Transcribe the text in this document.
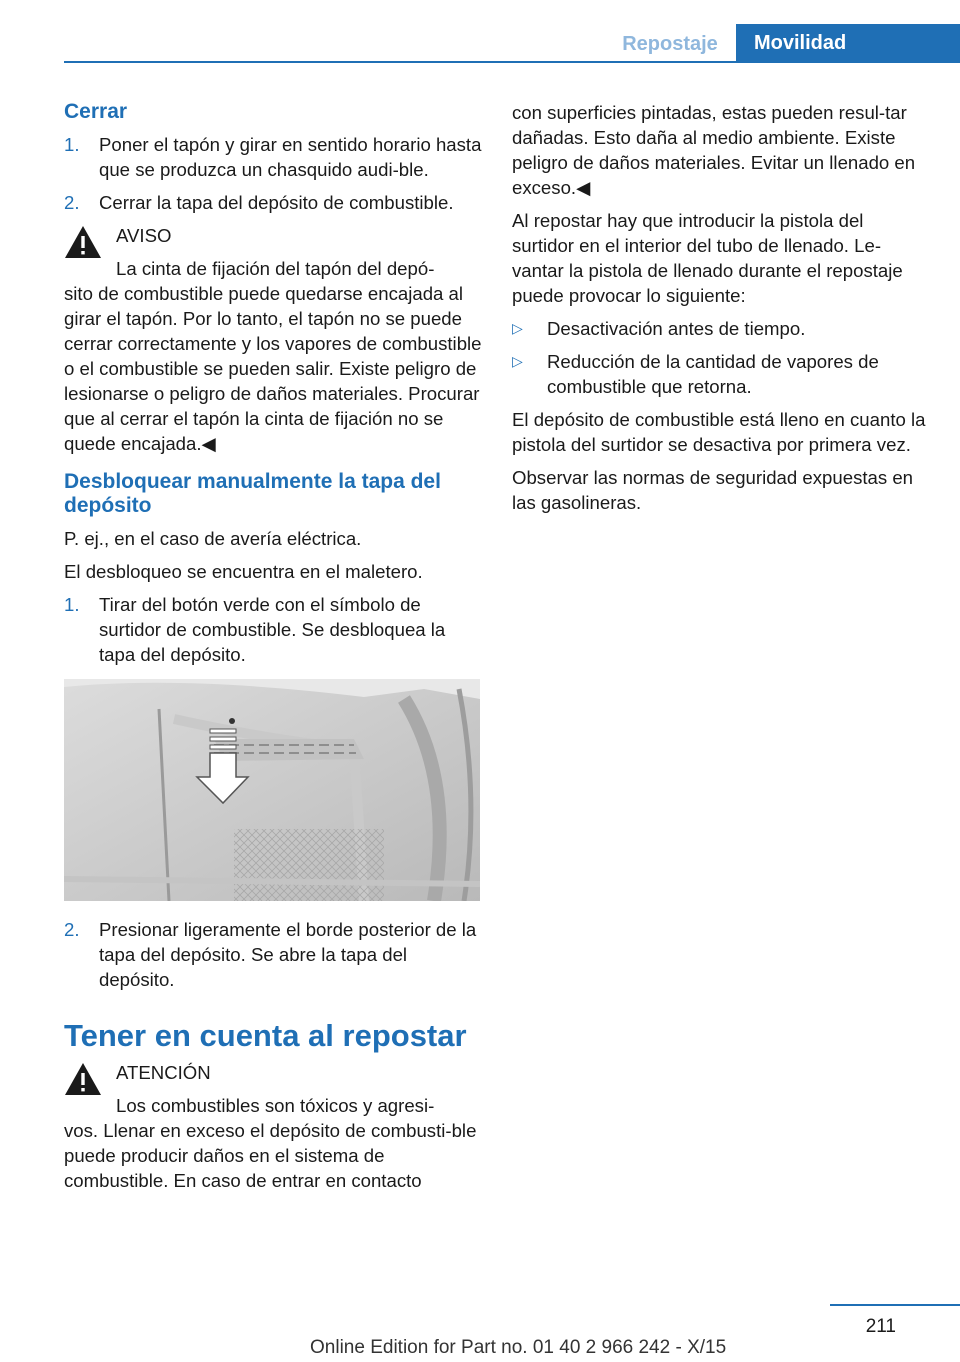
Repostaje	Movilidad
Cerrar
1. Poner el tapón y girar en sentido horario hasta que se produzca un chasquido audi‐ble.
2. Cerrar la tapa del depósito de combustible.
AVISO
La cinta de fijación del tapón del depó‐
sito de combustible puede quedarse encajada al girar el tapón. Por lo tanto, el tapón no se puede cerrar correctamente y los vapores de combustible o el combustible se pueden salir. Existe peligro de lesionarse o peligro de daños materiales. Procurar que al cerrar el tapón la cinta de fijación no se quede encajada.◀
Desbloquear manualmente la tapa del depósito

P. ej., en el caso de avería eléctrica.

El desbloqueo se encuentra en el maletero.

1. Tirar del botón verde con el símbolo de surtidor de combustible. Se desbloquea la tapa del depósito.
2. Presionar ligeramente el borde posterior de la tapa del depósito. Se abre la tapa del depósito.
Tener en cuenta al repostar
ATENCIÓN
Los combustibles son tóxicos y agresi‐
vos. Llenar en exceso el depósito de combusti‐ble puede producir daños en el sistema de combustible. En caso de entrar en contacto

con superficies pintadas, estas pueden resul‐tar dañadas. Esto daña al medio ambiente. Existe peligro de daños materiales. Evitar un llenado en exceso.◀

Al repostar hay que introducir la pistola del surtidor en el interior del tubo de llenado. Le‐vantar la pistola de llenado durante el repostaje puede provocar lo siguiente:

▷ Desactivación antes de tiempo.
▷ Reducción de la cantidad de vapores de combustible que retorna.

El depósito de combustible está lleno en cuanto la pistola del surtidor se desactiva por primera vez.

Observar las normas de seguridad expuestas en las gasolineras.

211
Online Edition for Part no. 01 40 2 966 242 - X/15
